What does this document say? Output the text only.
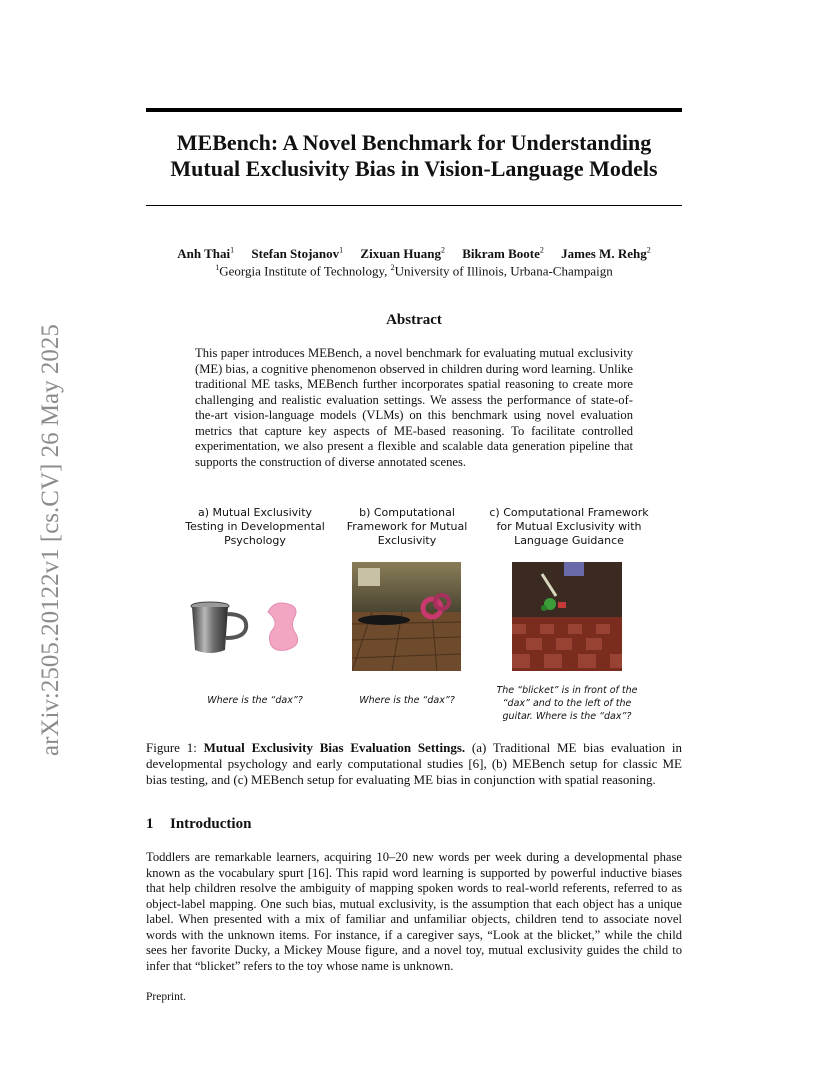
arXiv:2505.20122v1 [cs.CV] 26 May 2025
MEBench: A Novel Benchmark for Understanding Mutual Exclusivity Bias in Vision-Language Models
Anh Thai$^1$ Stefan Stojanov$^1$ Zixuan Huang$^2$ Bikram Boote$^2$ James M. Rehg$^2$
$^1$Georgia Institute of Technology, $^2$University of Illinois, Urbana-Champaign
Abstract

This paper introduces MEBench, a novel benchmark for evaluating mutual exclusivity (ME) bias, a cognitive phenomenon observed in children during word learning. Unlike traditional ME tasks, MEBench further incorporates spatial reasoning to create more challenging and realistic evaluation settings. We assess the performance of state-of-the-art vision-language models (VLMs) on this benchmark using novel evaluation metrics that capture key aspects of ME-based reasoning. To facilitate controlled experimentation, we also present a flexible and scalable data generation pipeline that supports the construction of diverse annotated scenes.

a) Mutual Exclusivity

Testing in Developmental

Psychology

b) Computational

Framework for Mutual

Exclusivity

c) Computational Framework

for Mutual Exclusivity with

Language Guidance

Where is the “dax”?	Where is the “dax”?

The “blicket” is in front of the

“dax” and to the left of the

guitar. Where is the “dax”?

Figure 1: Mutual Exclusivity Bias Evaluation Settings. (a) Traditional ME bias evaluation in developmental psychology and early computational studies [6], (b) MEBench setup for classic ME bias testing, and (c) MEBench setup for evaluating ME bias in conjunction with spatial reasoning.

1 Introduction

Toddlers are remarkable learners, acquiring 10–20 new words per week during a developmental phase known as the vocabulary spurt [16]. This rapid word learning is supported by powerful inductive biases that help children resolve the ambiguity of mapping spoken words to real-world referents, referred to as object-label mapping. One such bias, mutual exclusivity, is the assumption that each object has a unique label. When presented with a mix of familiar and unfamiliar objects, children tend to associate novel words with the unknown items. For instance, if a caregiver says, “Look at the blicket,” while the child sees her favorite Ducky, a Mickey Mouse figure, and a novel toy, mutual exclusivity guides the child to infer that “blicket” refers to the toy whose name is unknown.

Preprint.
